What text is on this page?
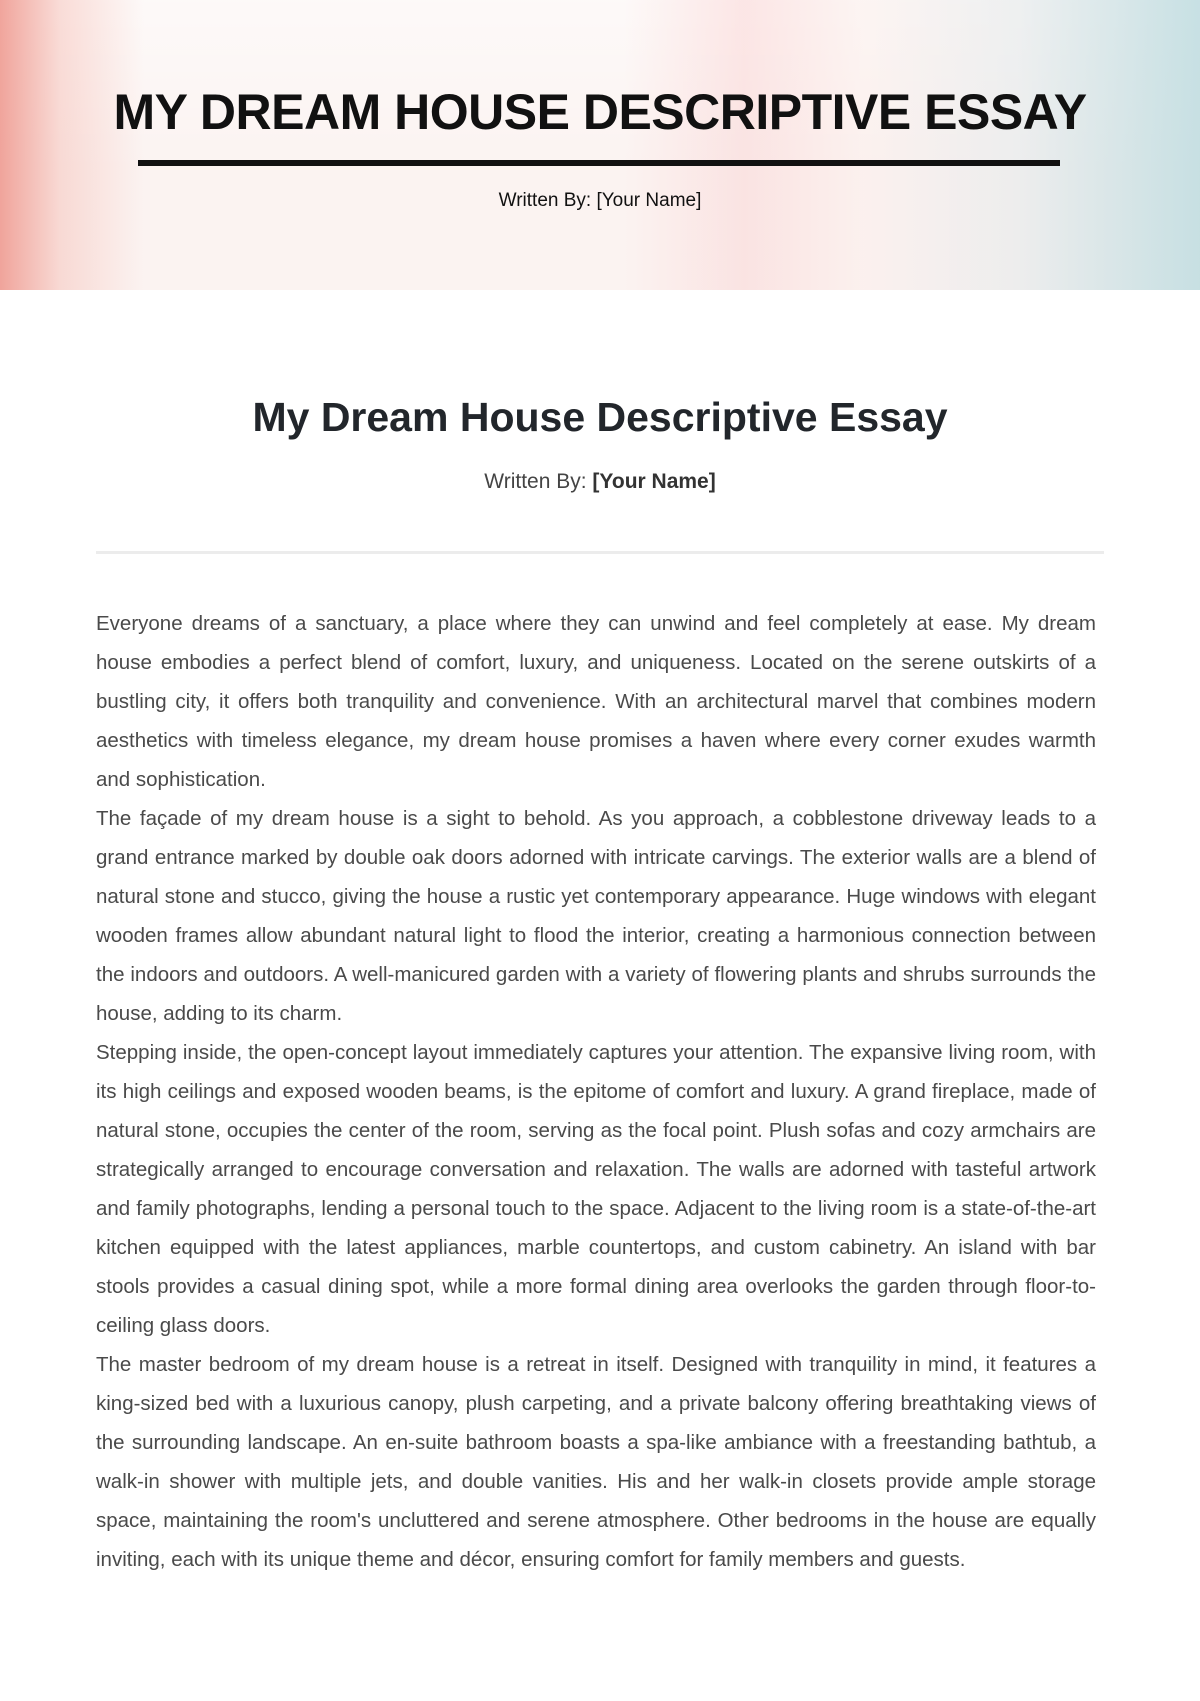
MY DREAM HOUSE DESCRIPTIVE ESSAY
Written By: [Your Name]
My Dream House Descriptive Essay
Written By: [Your Name]

Everyone dreams of a sanctuary, a place where they can unwind and feel completely at ease. My dream house embodies a perfect blend of comfort, luxury, and uniqueness. Located on the serene outskirts of a bustling city, it offers both tranquility and convenience. With an architectural marvel that combines modern aesthetics with timeless elegance, my dream house promises a haven where every corner exudes warmth and sophistication.

The façade of my dream house is a sight to behold. As you approach, a cobblestone driveway leads to a grand entrance marked by double oak doors adorned with intricate carvings. The exterior walls are a blend of natural stone and stucco, giving the house a rustic yet contemporary appearance. Huge windows with elegant wooden frames allow abundant natural light to flood the interior, creating a harmonious connection between the indoors and outdoors. A well-manicured garden with a variety of flowering plants and shrubs surrounds the house, adding to its charm.

Stepping inside, the open-concept layout immediately captures your attention. The expansive living room, with its high ceilings and exposed wooden beams, is the epitome of comfort and luxury. A grand fireplace, made of natural stone, occupies the center of the room, serving as the focal point. Plush sofas and cozy armchairs are strategically arranged to encourage conversation and relaxation. The walls are adorned with tasteful artwork and family photographs, lending a personal touch to the space. Adjacent to the living room is a state-of-the-art kitchen equipped with the latest appliances, marble countertops, and custom cabinetry. An island with bar stools provides a casual dining spot, while a more formal dining area overlooks the garden through floor-to-ceiling glass doors.

The master bedroom of my dream house is a retreat in itself. Designed with tranquility in mind, it features a king-sized bed with a luxurious canopy, plush carpeting, and a private balcony offering breathtaking views of the surrounding landscape. An en-suite bathroom boasts a spa-like ambiance with a freestanding bathtub, a walk-in shower with multiple jets, and double vanities. His and her walk-in closets provide ample storage space, maintaining the room's uncluttered and serene atmosphere. Other bedrooms in the house are equally inviting, each with its unique theme and décor, ensuring comfort for family members and guests.
